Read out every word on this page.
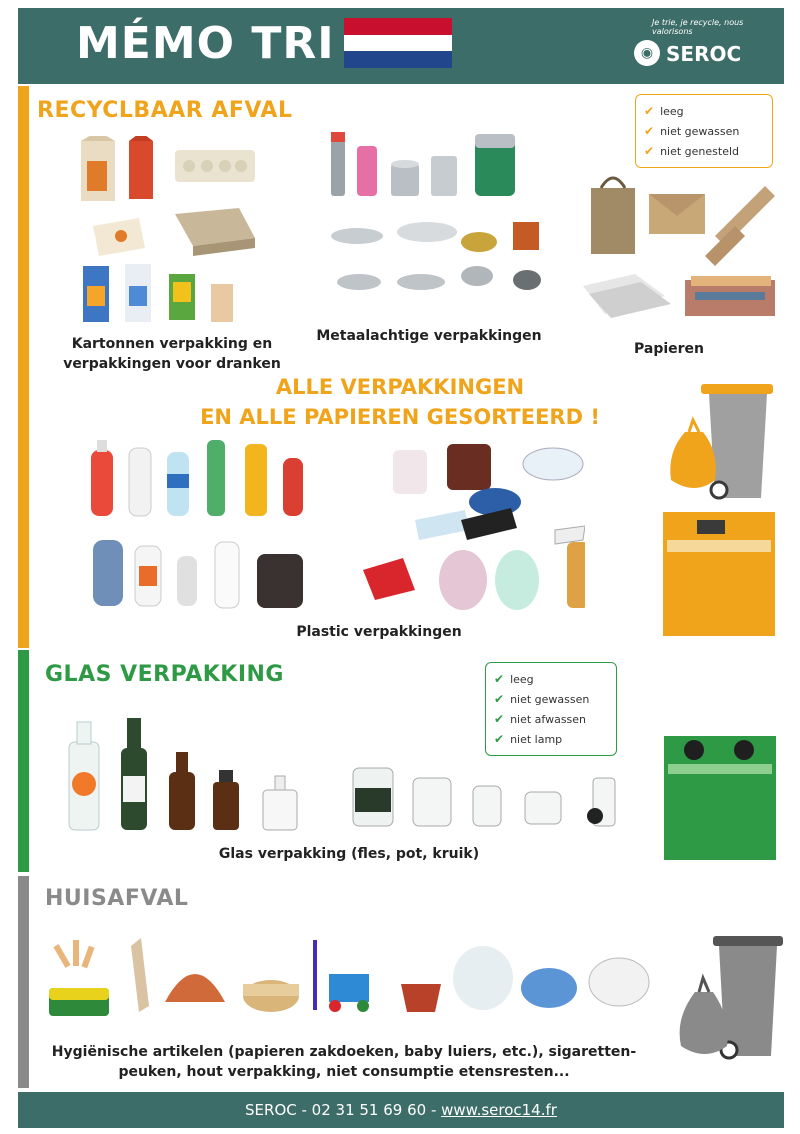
MÉMO TRI	Je trie, je recycle, nous valorisons
◉ SEROC
RECYCLBAAR AFVAL	✔ leeg
✔ niet gewassen
✔ niet genesteld
Kartonnen verpakking en
verpakkingen voor dranken
Metaalachtige verpakkingen
Papieren
ALLE VERPAKKINGEN
EN ALLE PAPIEREN GESORTEERD !
Plastic verpakkingen
GLAS VERPAKKING	✔ leeg
✔ niet gewassen
✔ niet afwassen
✔ niet lamp
Glas verpakking (fles, pot, kruik)
HUISAFVAL
Hygiënische artikelen (papieren zakdoeken, baby luiers, etc.), sigaretten-
peuken, hout verpakking, niet consumptie etensresten...
SEROC - 02 31 51 69 60 - www.seroc14.fr
